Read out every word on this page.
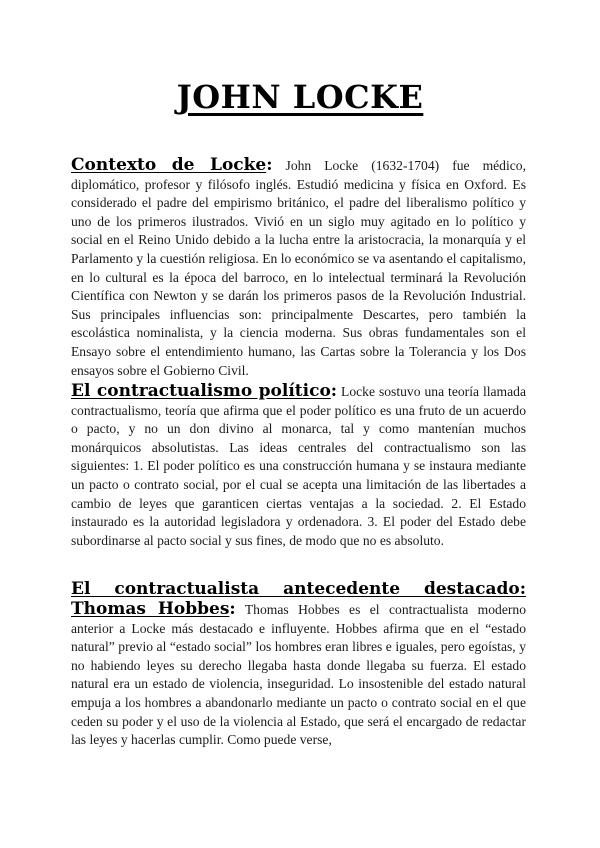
JOHN LOCKE

Contexto de Locke: John Locke (1632-1704) fue médico, diplomático, profesor y filósofo inglés. Estudió medicina y física en Oxford. Es considerado el padre del empirismo británico, el padre del liberalismo político y uno de los primeros ilustrados. Vivió en un siglo muy agitado en lo político y social en el Reino Unido debido a la lucha entre la aristocracia, la monarquía y el Parlamento y la cuestión religiosa. En lo económico se va asentando el capitalismo, en lo cultural es la época del barroco, en lo intelectual terminará la Revolución Científica con Newton y se darán los primeros pasos de la Revolución Industrial. Sus principales influencias son: principalmente Descartes, pero también la escolástica nominalista, y la ciencia moderna. Sus obras fundamentales son el Ensayo sobre el entendimiento humano, las Cartas sobre la Tolerancia y los Dos ensayos sobre el Gobierno Civil.

El contractualismo político: Locke sostuvo una teoría llamada contractualismo, teoría que afirma que el poder político es una fruto de un acuerdo o pacto, y no un don divino al monarca, tal y como mantenían muchos monárquicos absolutistas. Las ideas centrales del contractualismo son las siguientes: 1. El poder político es una construcción humana y se instaura mediante un pacto o contrato social, por el cual se acepta una limitación de las libertades a cambio de leyes que garanticen ciertas ventajas a la sociedad. 2. El Estado instaurado es la autoridad legisladora y ordenadora. 3. El poder del Estado debe subordinarse al pacto social y sus fines, de modo que no es absoluto.

El contractualista antecedente destacado:

Thomas Hobbes: Thomas Hobbes es el contractualista moderno anterior a Locke más destacado e influyente. Hobbes afirma que en el “estado natural” previo al “estado social” los hombres eran libres e iguales, pero egoístas, y no habiendo leyes su derecho llegaba hasta donde llegaba su fuerza. El estado natural era un estado de violencia, inseguridad. Lo insostenible del estado natural empuja a los hombres a abandonarlo mediante un pacto o contrato social en el que ceden su poder y el uso de la violencia al Estado, que será el encargado de redactar las leyes y hacerlas cumplir. Como puede verse,
